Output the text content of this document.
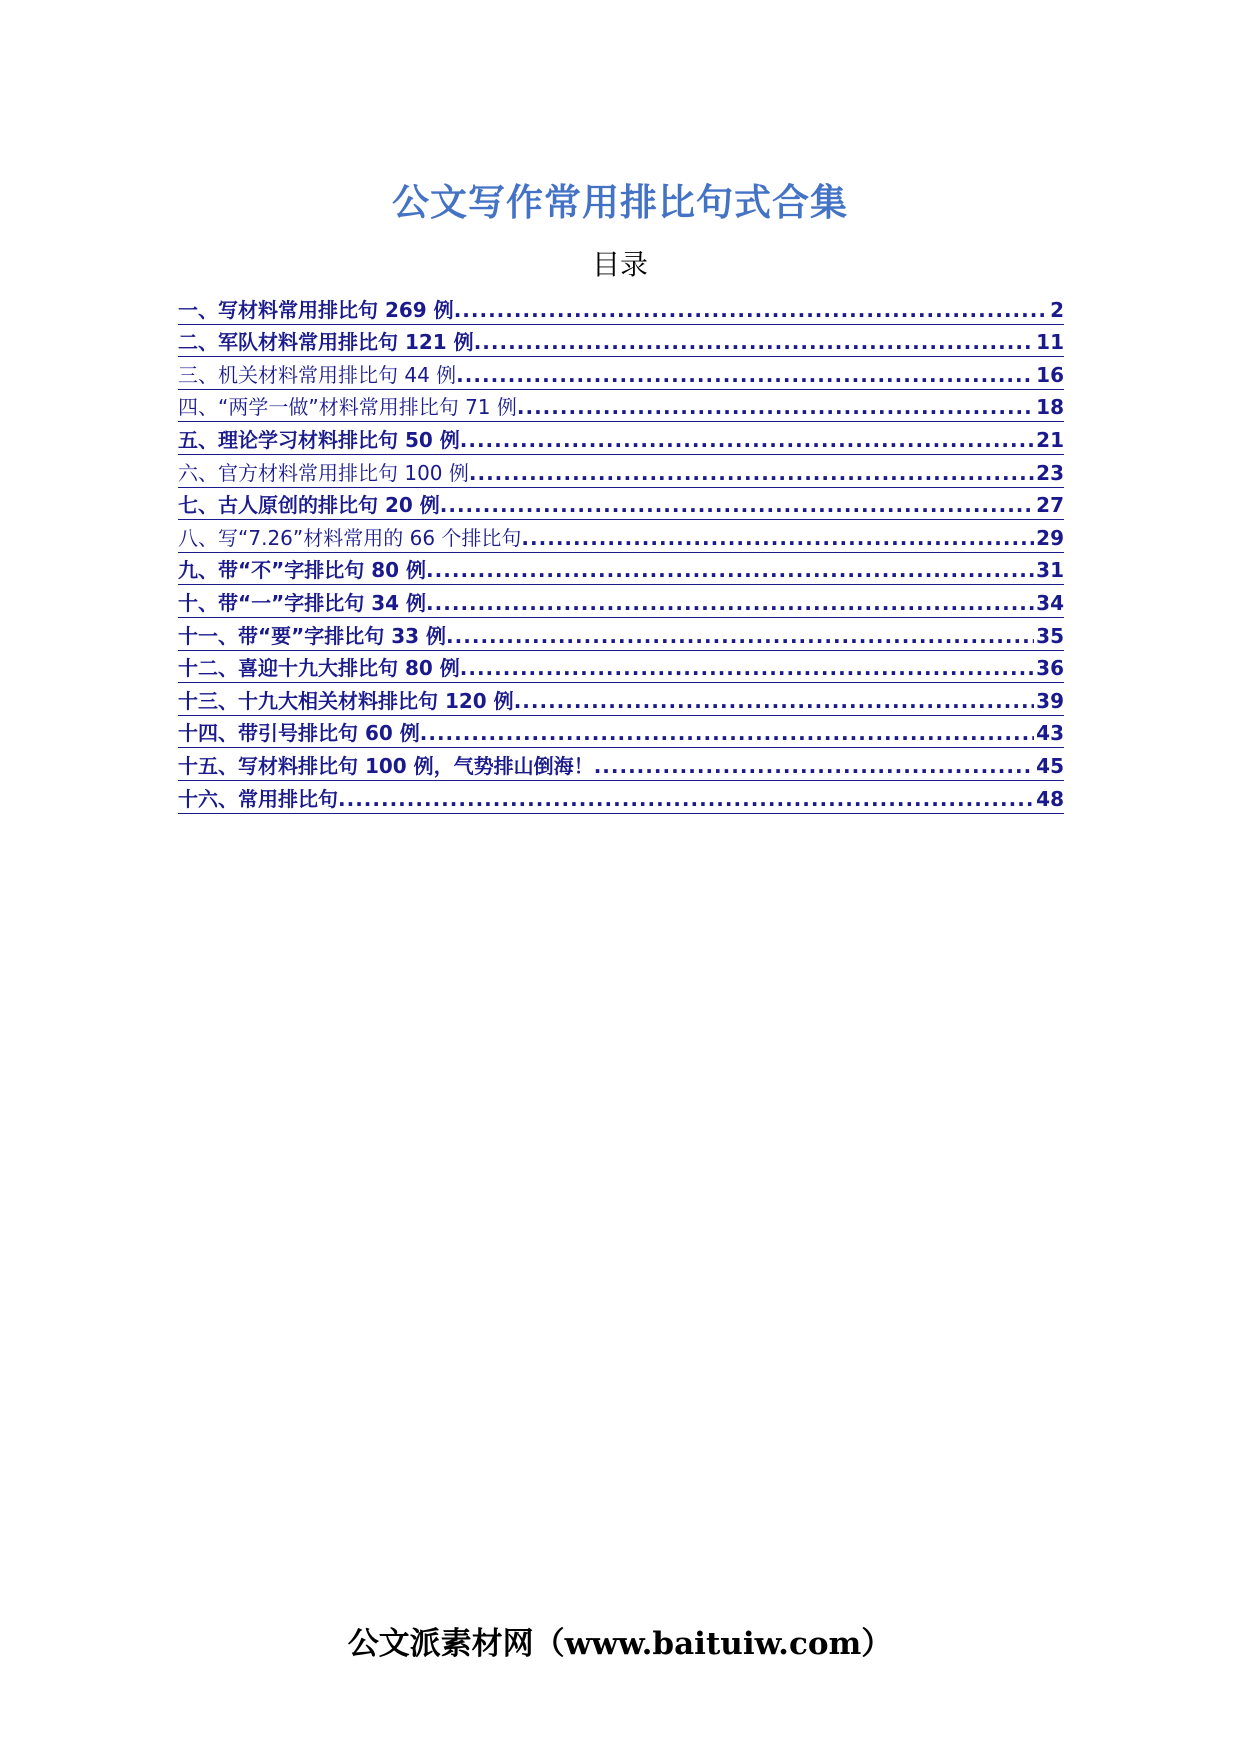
公文写作常用排比句式合集
目录
一、写材料常用排比句 269 例 .....	2
二、军队材料常用排比句 121 例 .....	11
三、机关材料常用排比句 44 例 .....	16
四、“两学一做”材料常用排比句 71 例 .....	18
五、理论学习材料排比句 50 例 .....	21
六、官方材料常用排比句 100 例 .....	23
七、古人原创的排比句 20 例 .....	27
八、写“7.26”材料常用的 66 个排比句 .....	29
九、带“不”字排比句 80 例 .....	31
十、带“一”字排比句 34 例 .....	34
十一、带“要”字排比句 33 例 .....	35
十二、喜迎十九大排比句 80 例 .....	36
十三、十九大相关材料排比句 120 例 .....	39
十四、带引号排比句 60 例 .....	43
十五、写材料排比句 100 例，气势排山倒海！ .....	45
十六、常用排比句 .....	48
公文派素材网（www.baituiw.com）
